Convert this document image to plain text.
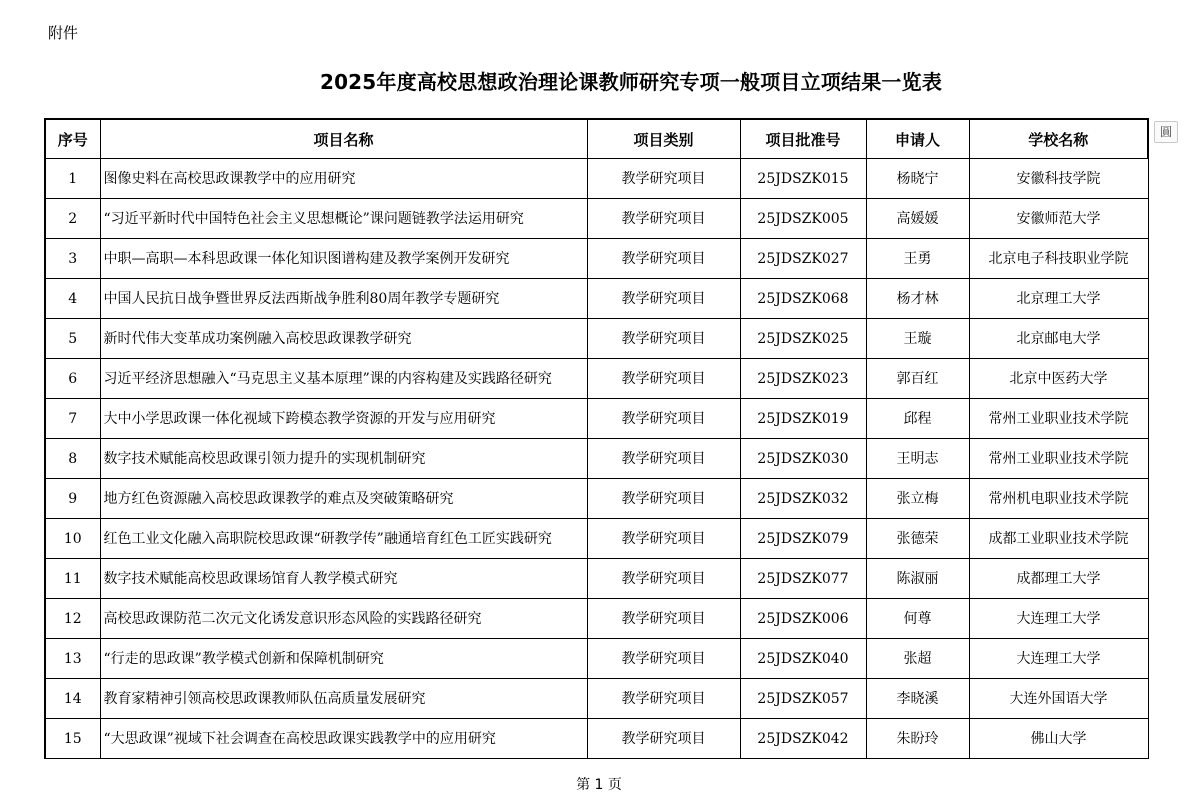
附件
2025年度高校思想政治理论课教师研究专项一般项目立项结果一览表
圓
序号	项目名称	项目类别	项目批准号	申请人	学校名称
1	图像史料在高校思政课教学中的应用研究	教学研究项目	25JDSZK015	杨晓宁	安徽科技学院
2	“习近平新时代中国特色社会主义思想概论”课问题链教学法运用研究	教学研究项目	25JDSZK005	高媛媛	安徽师范大学
3	中职—高职—本科思政课一体化知识图谱构建及教学案例开发研究	教学研究项目	25JDSZK027	王勇	北京电子科技职业学院
4	中国人民抗日战争暨世界反法西斯战争胜利80周年教学专题研究	教学研究项目	25JDSZK068	杨才林	北京理工大学
5	新时代伟大变革成功案例融入高校思政课教学研究	教学研究项目	25JDSZK025	王璇	北京邮电大学
6	习近平经济思想融入“马克思主义基本原理”课的内容构建及实践路径研究	教学研究项目	25JDSZK023	郭百红	北京中医药大学
7	大中小学思政课一体化视域下跨模态教学资源的开发与应用研究	教学研究项目	25JDSZK019	邱程	常州工业职业技术学院
8	数字技术赋能高校思政课引领力提升的实现机制研究	教学研究项目	25JDSZK030	王明志	常州工业职业技术学院
9	地方红色资源融入高校思政课教学的难点及突破策略研究	教学研究项目	25JDSZK032	张立梅	常州机电职业技术学院
10	红色工业文化融入高职院校思政课“研教学传”融通培育红色工匠实践研究	教学研究项目	25JDSZK079	张德荣	成都工业职业技术学院
11	数字技术赋能高校思政课场馆育人教学模式研究	教学研究项目	25JDSZK077	陈淑丽	成都理工大学
12	高校思政课防范二次元文化诱发意识形态风险的实践路径研究	教学研究项目	25JDSZK006	何尊	大连理工大学
13	“行走的思政课”教学模式创新和保障机制研究	教学研究项目	25JDSZK040	张超	大连理工大学
14	教育家精神引领高校思政课教师队伍高质量发展研究	教学研究项目	25JDSZK057	李晓溪	大连外国语大学
15	“大思政课”视域下社会调查在高校思政课实践教学中的应用研究	教学研究项目	25JDSZK042	朱盼玲	佛山大学
第 1 页
